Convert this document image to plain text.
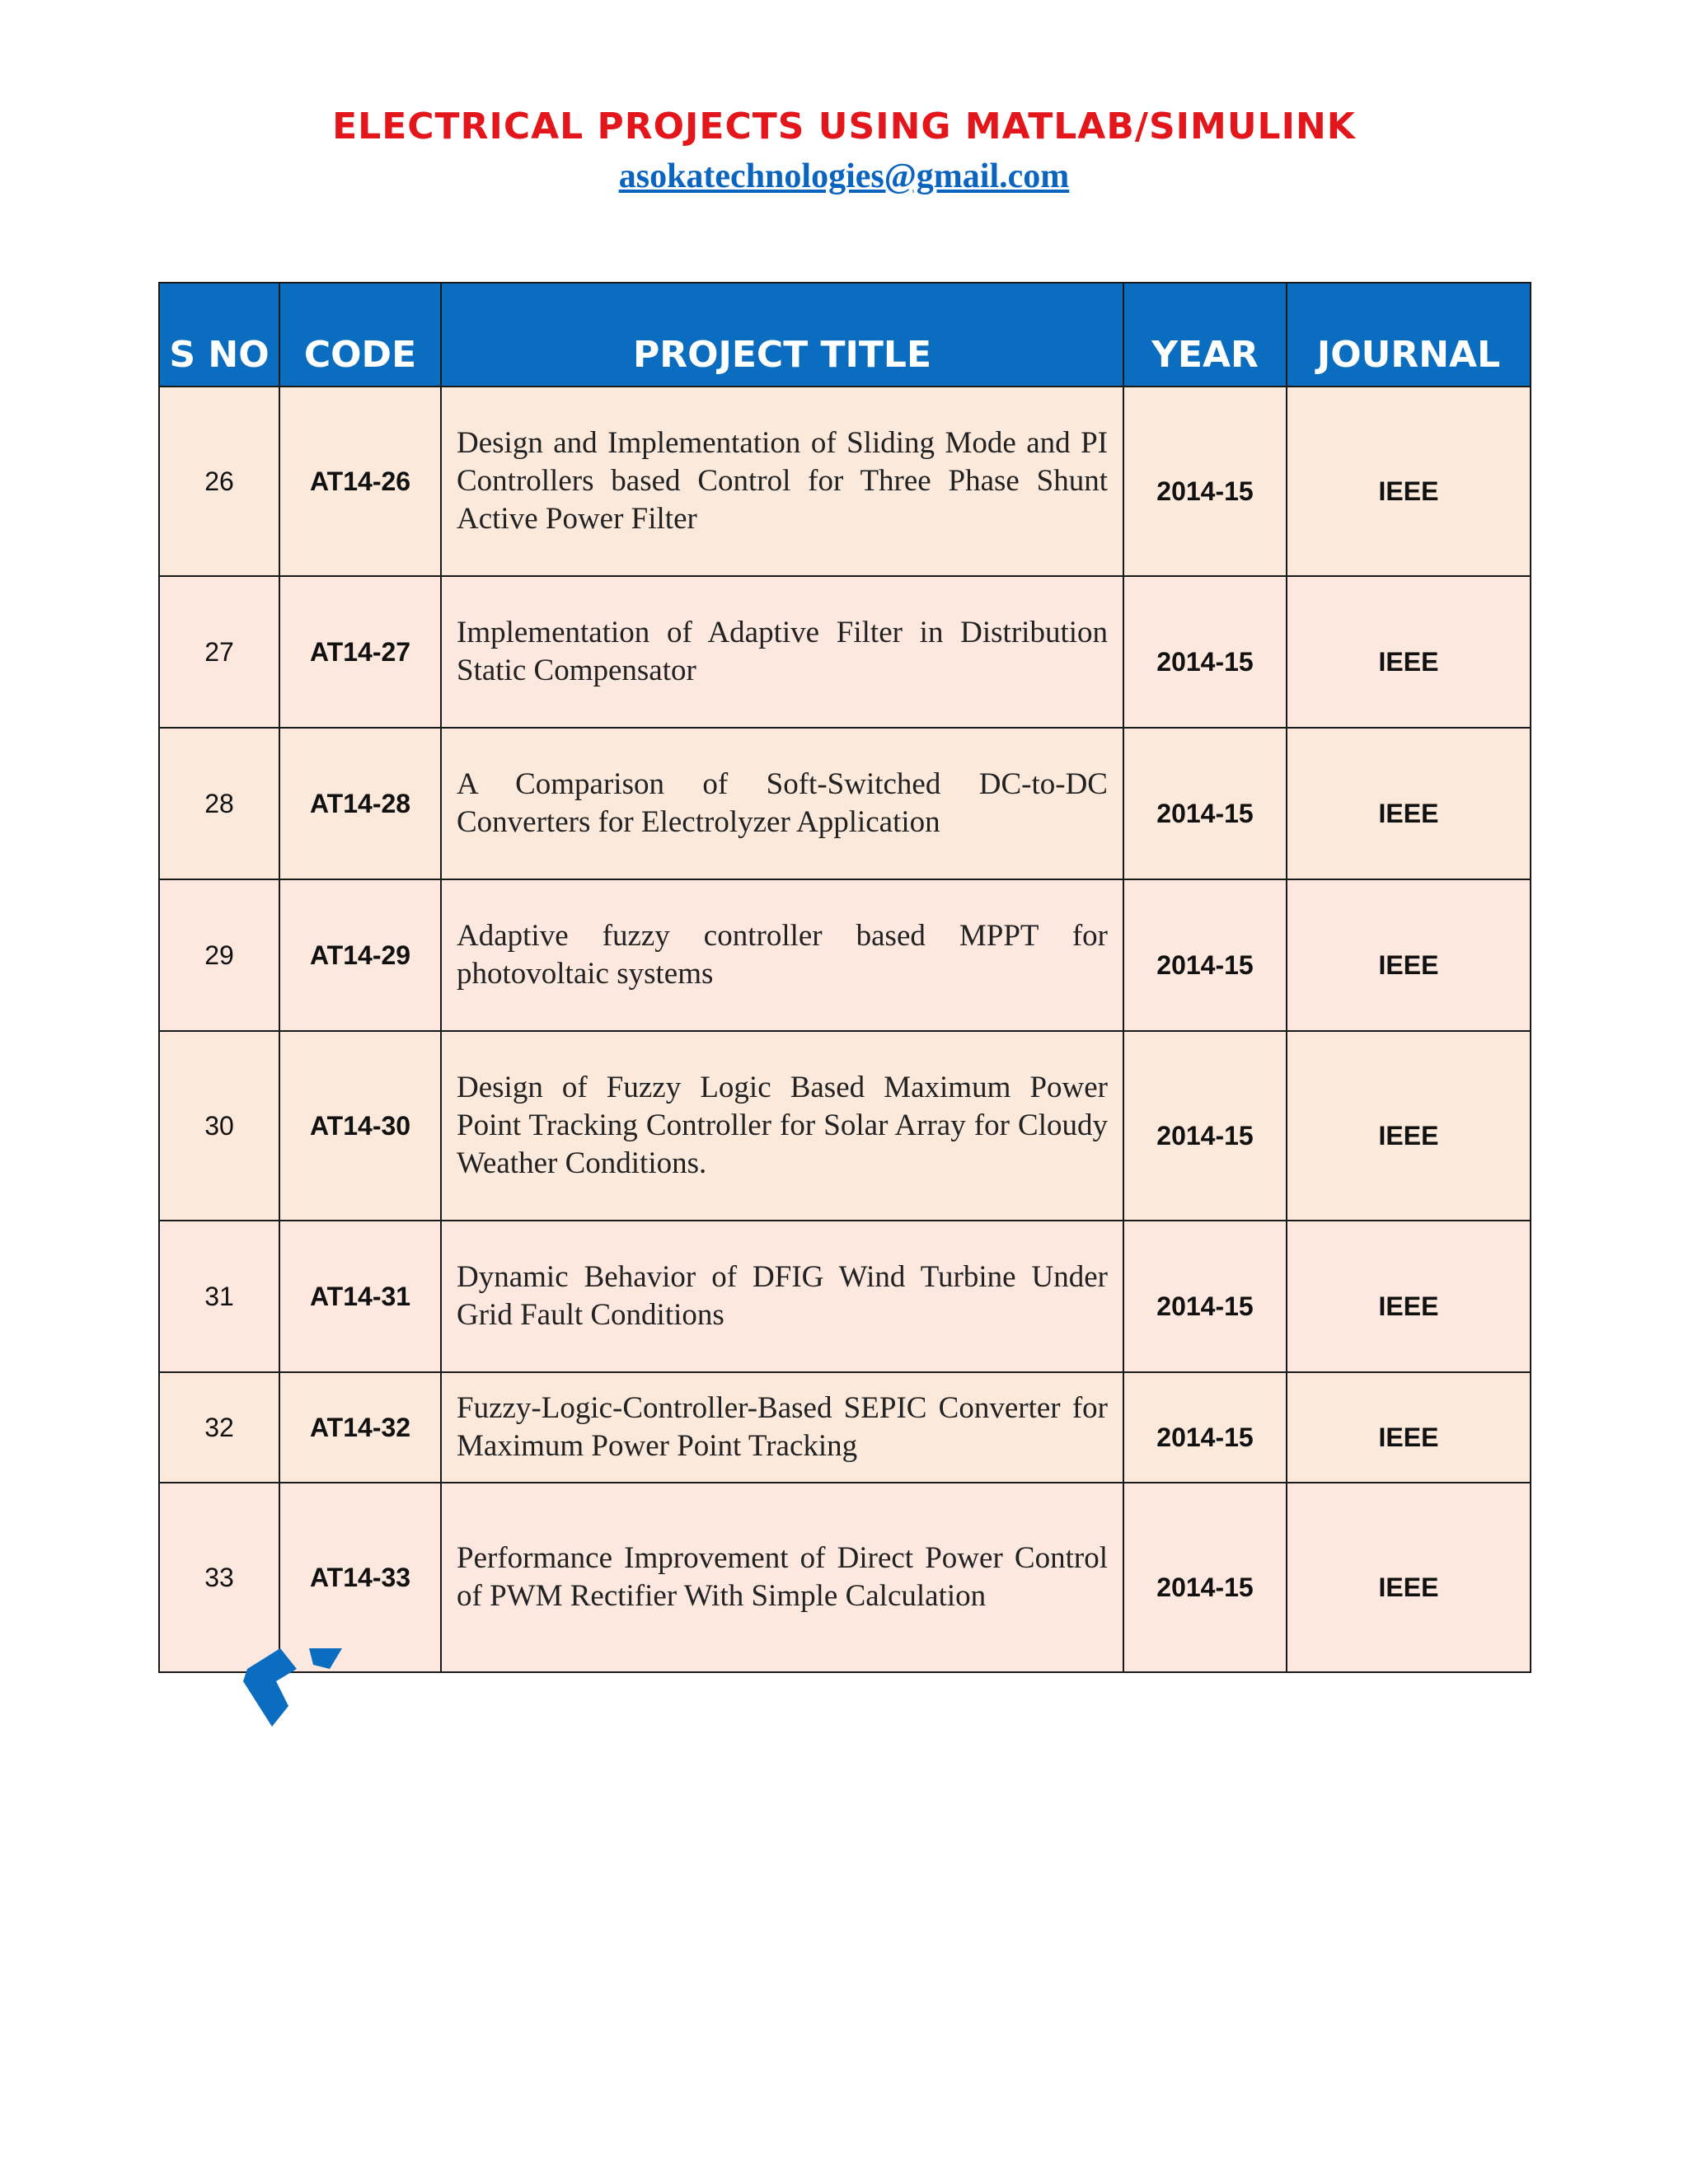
ELECTRICAL PROJECTS USING MATLAB/SIMULINK
asokatechnologies@gmail.com
S NO	CODE	PROJECT TITLE	YEAR	JOURNAL
26	AT14-26	Design and Implementation of Sliding Mode and PI Controllers based Control for Three Phase Shunt Active Power Filter	2014-15	IEEE
27	AT14-27	Implementation of Adaptive Filter in Distribution Static Compensator	2014-15	IEEE
28	AT14-28	A Comparison of Soft-Switched DC-to-DC Converters for Electrolyzer Application	2014-15	IEEE
29	AT14-29	Adaptive fuzzy controller based MPPT for photovoltaic systems	2014-15	IEEE
30	AT14-30	Design of Fuzzy Logic Based Maximum Power Point Tracking Controller for Solar Array for Cloudy Weather Conditions.	2014-15	IEEE
31	AT14-31	Dynamic Behavior of DFIG Wind Turbine Under Grid Fault Conditions	2014-15	IEEE
32	AT14-32	Fuzzy-Logic-Controller-Based SEPIC Converter for Maximum Power Point Tracking	2014-15	IEEE
33	AT14-33	Performance Improvement of Direct Power Control of PWM Rectifier With Simple Calculation	2014-15	IEEE
